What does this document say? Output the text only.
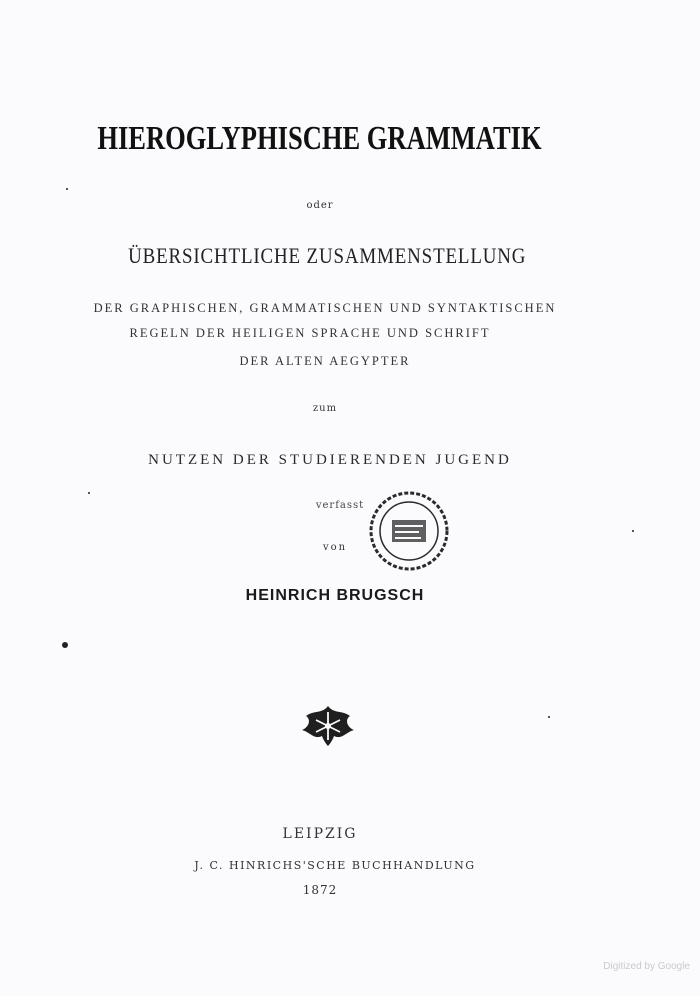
HIEROGLYPHISCHE GRAMMATIK
oder
ÜBERSICHTLICHE ZUSAMMENSTELLUNG
DER GRAPHISCHEN, GRAMMATISCHEN UND SYNTAKTISCHEN
REGELN DER HEILIGEN SPRACHE UND SCHRIFT
DER ALTEN AEGYPTER
zum
NUTZEN DER STUDIERENDEN JUGEND
verfasst
von
HEINRICH BRUGSCH
LEIPZIG
J. C. HINRICHS'SCHE BUCHHANDLUNG
1872
Digitized by Google
